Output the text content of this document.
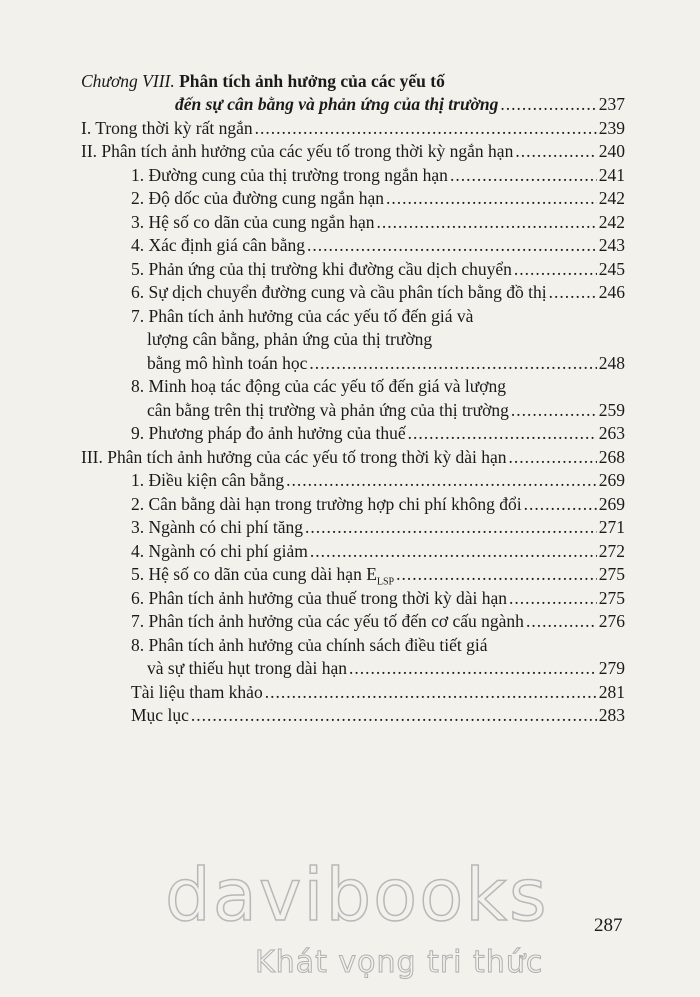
Chương VIII. Phân tích ảnh hưởng của các yếu tố
đến sự cân bằng và phản ứng của thị trường .....	237
I. Trong thời kỳ rất ngắn .....	239
II. Phân tích ảnh hưởng của các yếu tố trong thời kỳ ngắn hạn .....	240
1. Đường cung của thị trường trong ngắn hạn .....	241
2. Độ dốc của đường cung ngắn hạn .....	242
3. Hệ số co dãn của cung ngắn hạn .....	242
4. Xác định giá cân bằng .....	243
5. Phản ứng của thị trường khi đường cầu dịch chuyển .....	245
6. Sự dịch chuyển đường cung và cầu phân tích bằng đồ thị .....	246
7. Phân tích ảnh hưởng của các yếu tố đến giá và
lượng cân bằng, phản ứng của thị trường
bằng mô hình toán học .....	248
8. Minh hoạ tác động của các yếu tố đến giá và lượng
cân bằng trên thị trường và phản ứng của thị trường .....	259
9. Phương pháp đo ảnh hưởng của thuế .....	263
III. Phân tích ảnh hưởng của các yếu tố trong thời kỳ dài hạn .....	268
1. Điều kiện cân bằng .....	269
2. Cân bằng dài hạn trong trường hợp chi phí không đổi .....	269
3. Ngành có chi phí tăng .....	271
4. Ngành có chi phí giảm .....	272
5. Hệ số co dãn của cung dài hạn $E_{LSP}$ .....	275
6. Phân tích ảnh hưởng của thuế trong thời kỳ dài hạn .....	275
7. Phân tích ảnh hưởng của các yếu tố đến cơ cấu ngành .....	276
8. Phân tích ảnh hưởng của chính sách điều tiết giá
và sự thiếu hụt trong dài hạn .....	279
Tài liệu tham khảo .....	281
Mục lục .....	283
davibooks
Khát vọng tri thức
287
